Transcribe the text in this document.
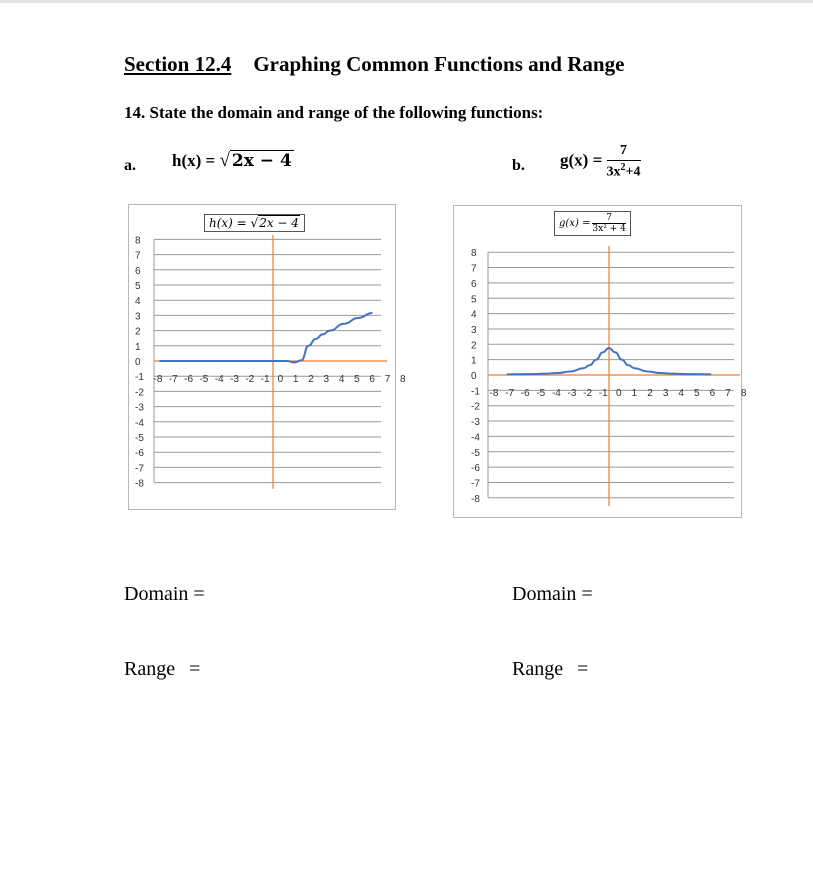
Section 12.4 Graphing Common Functions and Range
14. State the domain and range of the following functions:
a. h(x) = √ 2x − 4	b. $g(x) = \frac{7}{3x^2+4}$
8
7
6
5
4
3
2
1
0
-1
-2
-3
-4
-5
-6
-7
-8
-8 -7 -6 -5 -4 -3 -2 -1 0 1 2 3 4 5 6 7 8
h(x) = √2x − 4
8
7
6
5
4
3
2
1
0
-1
-2
-3
-4
-5
-6
-7
-8
-8 -7 -6 -5 -4 -3 -2 -1 0 1 2 3 4 5 6 7 8
$g(x) = \frac{7}{\text{3x² + 4}}$
Domain =	Domain =
Range =	Range =
